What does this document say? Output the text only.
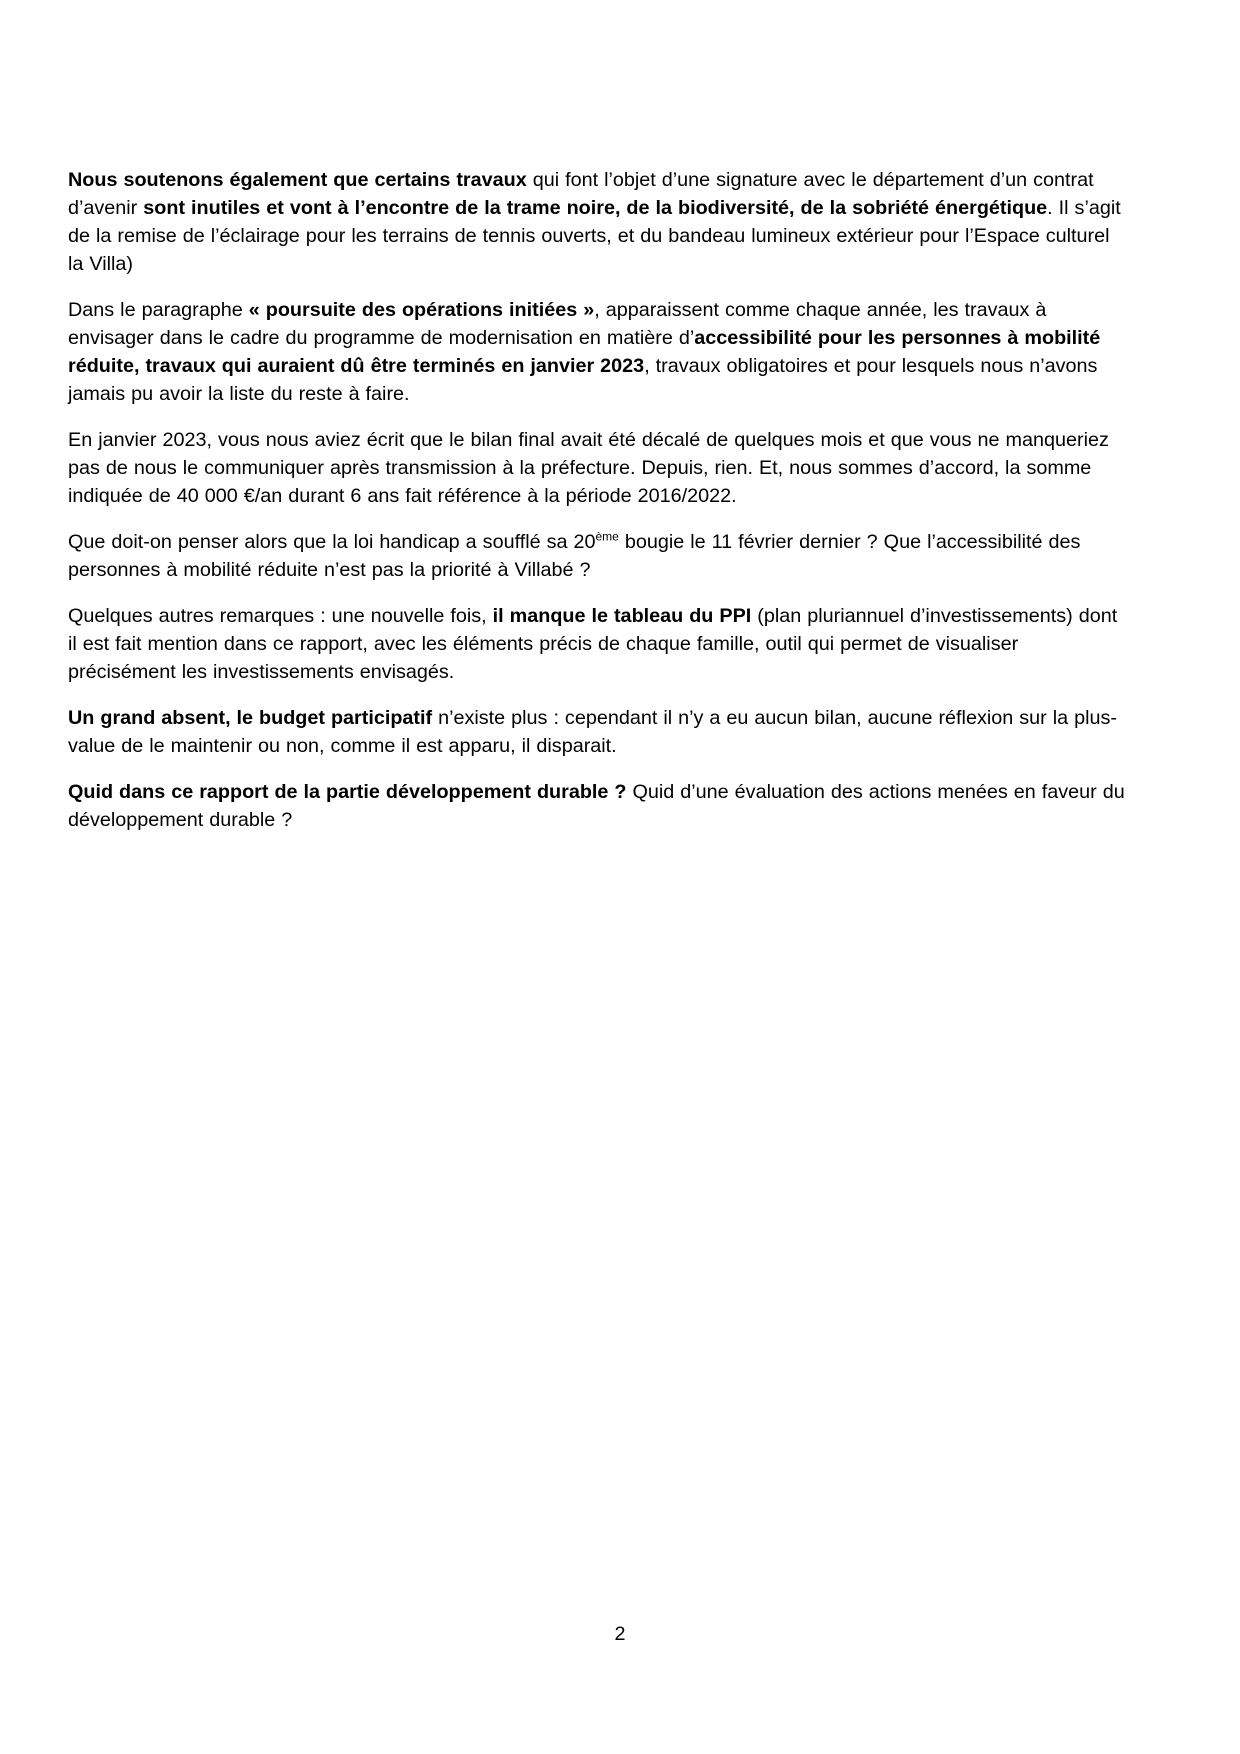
Nous soutenons également que certains travaux qui font l’objet d’une signature avec le département d’un contrat d’avenir sont inutiles et vont à l’encontre de la trame noire, de la biodiversité, de la sobriété énergétique. Il s’agit de la remise de l’éclairage pour les terrains de tennis ouverts, et du bandeau lumineux extérieur pour l’Espace culturel la Villa)

Dans le paragraphe « poursuite des opérations initiées », apparaissent comme chaque année, les travaux à envisager dans le cadre du programme de modernisation en matière d’accessibilité pour les personnes à mobilité réduite, travaux qui auraient dû être terminés en janvier 2023, travaux obligatoires et pour lesquels nous n’avons jamais pu avoir la liste du reste à faire.

En janvier 2023, vous nous aviez écrit que le bilan final avait été décalé de quelques mois et que vous ne manqueriez pas de nous le communiquer après transmission à la préfecture. Depuis, rien. Et, nous sommes d’accord, la somme indiquée de 40 000 €/an durant 6 ans fait référence à la période 2016/2022.

Que doit-on penser alors que la loi handicap a soufflé sa 20ème bougie le 11 février dernier ? Que l’accessibilité des personnes à mobilité réduite n’est pas la priorité à Villabé ?

Quelques autres remarques : une nouvelle fois, il manque le tableau du PPI (plan pluriannuel d’investissements) dont il est fait mention dans ce rapport, avec les éléments précis de chaque famille, outil qui permet de visualiser précisément les investissements envisagés.

Un grand absent, le budget participatif n’existe plus : cependant il n’y a eu aucun bilan, aucune réflexion sur la plus-value de le maintenir ou non, comme il est apparu, il disparait.

Quid dans ce rapport de la partie développement durable ? Quid d’une évaluation des actions menées en faveur du développement durable ?

2
